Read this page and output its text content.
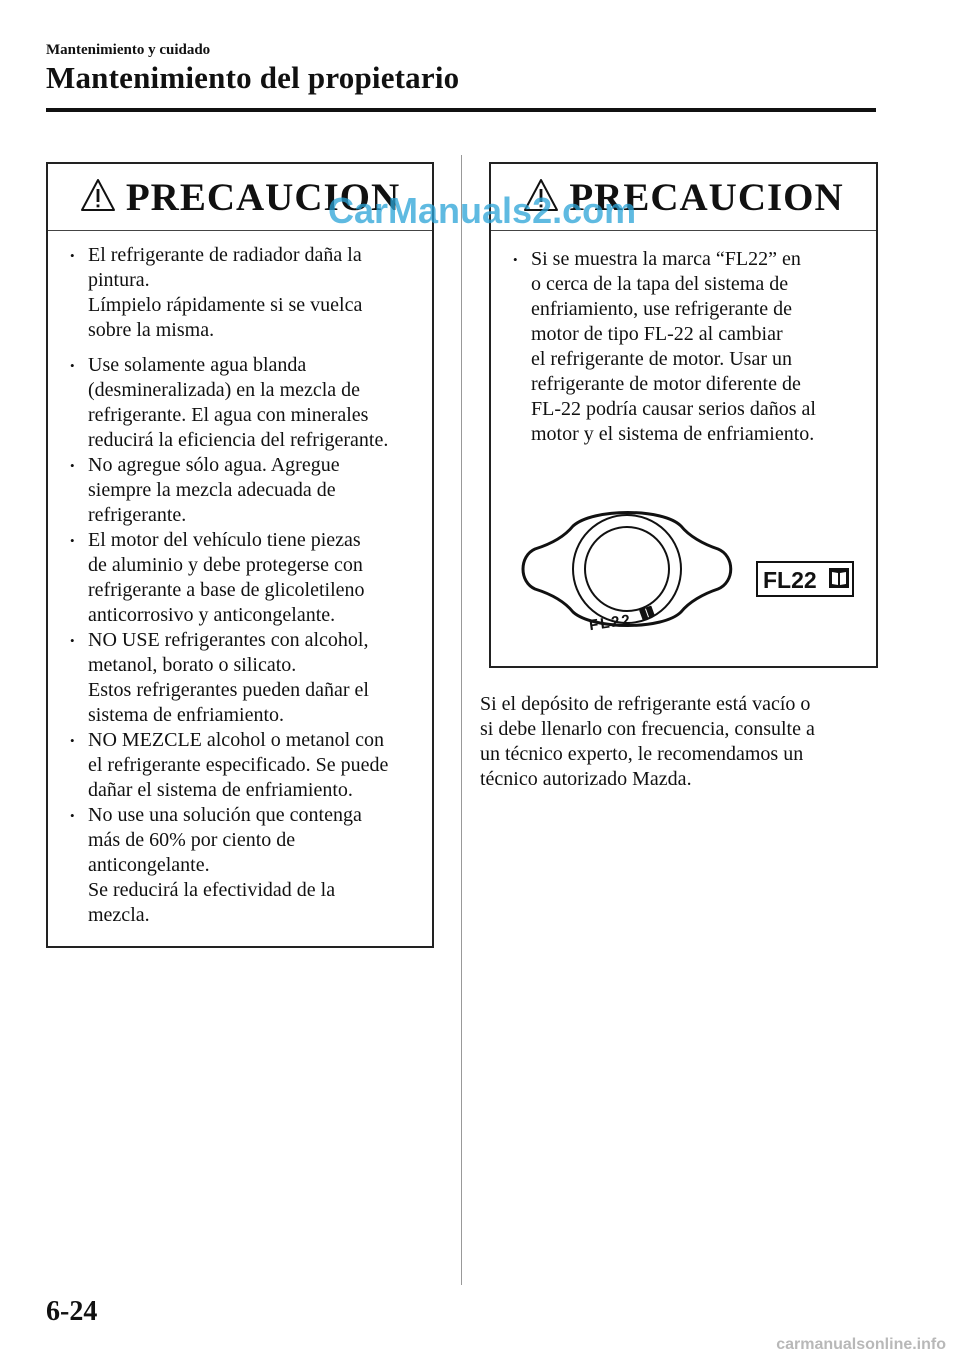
Mantenimiento y cuidado
Mantenimiento del propietario
PRECAUCION
• El refrigerante de radiador daña la
pintura.
Límpielo rápidamente si se vuelca
sobre la misma.
• Use solamente agua blanda
(desmineralizada) en la mezcla de
refrigerante. El agua con minerales
reducirá la eficiencia del refrigerante.
• No agregue sólo agua. Agregue
siempre la mezcla adecuada de
refrigerante.
• El motor del vehículo tiene piezas
de aluminio y debe protegerse con
refrigerante a base de glicoletileno
anticorrosivo y anticongelante.
• NO USE refrigerantes con alcohol,
metanol, borato o silicato.
Estos refrigerantes pueden dañar el
sistema de enfriamiento.
• NO MEZCLE alcohol o metanol con
el refrigerante especificado. Se puede
dañar el sistema de enfriamiento.
• No use una solución que contenga
más de 60% por ciento de
anticongelante.
Se reducirá la efectividad de la
mezcla.
PRECAUCION
• Si se muestra la marca “FL22” en
o cerca de la tapa del sistema de
enfriamiento, use refrigerante de
motor de tipo FL-22 al cambiar
el refrigerante de motor. Usar un
refrigerante de motor diferente de
FL-22 podría causar serios daños al
motor y el sistema de enfriamiento.
FL22
FL22
CarManuals2.com
Si el depósito de refrigerante está vacío o
si debe llenarlo con frecuencia, consulte a
un técnico experto, le recomendamos un
técnico autorizado Mazda.
6-24
carmanualsonline.info
